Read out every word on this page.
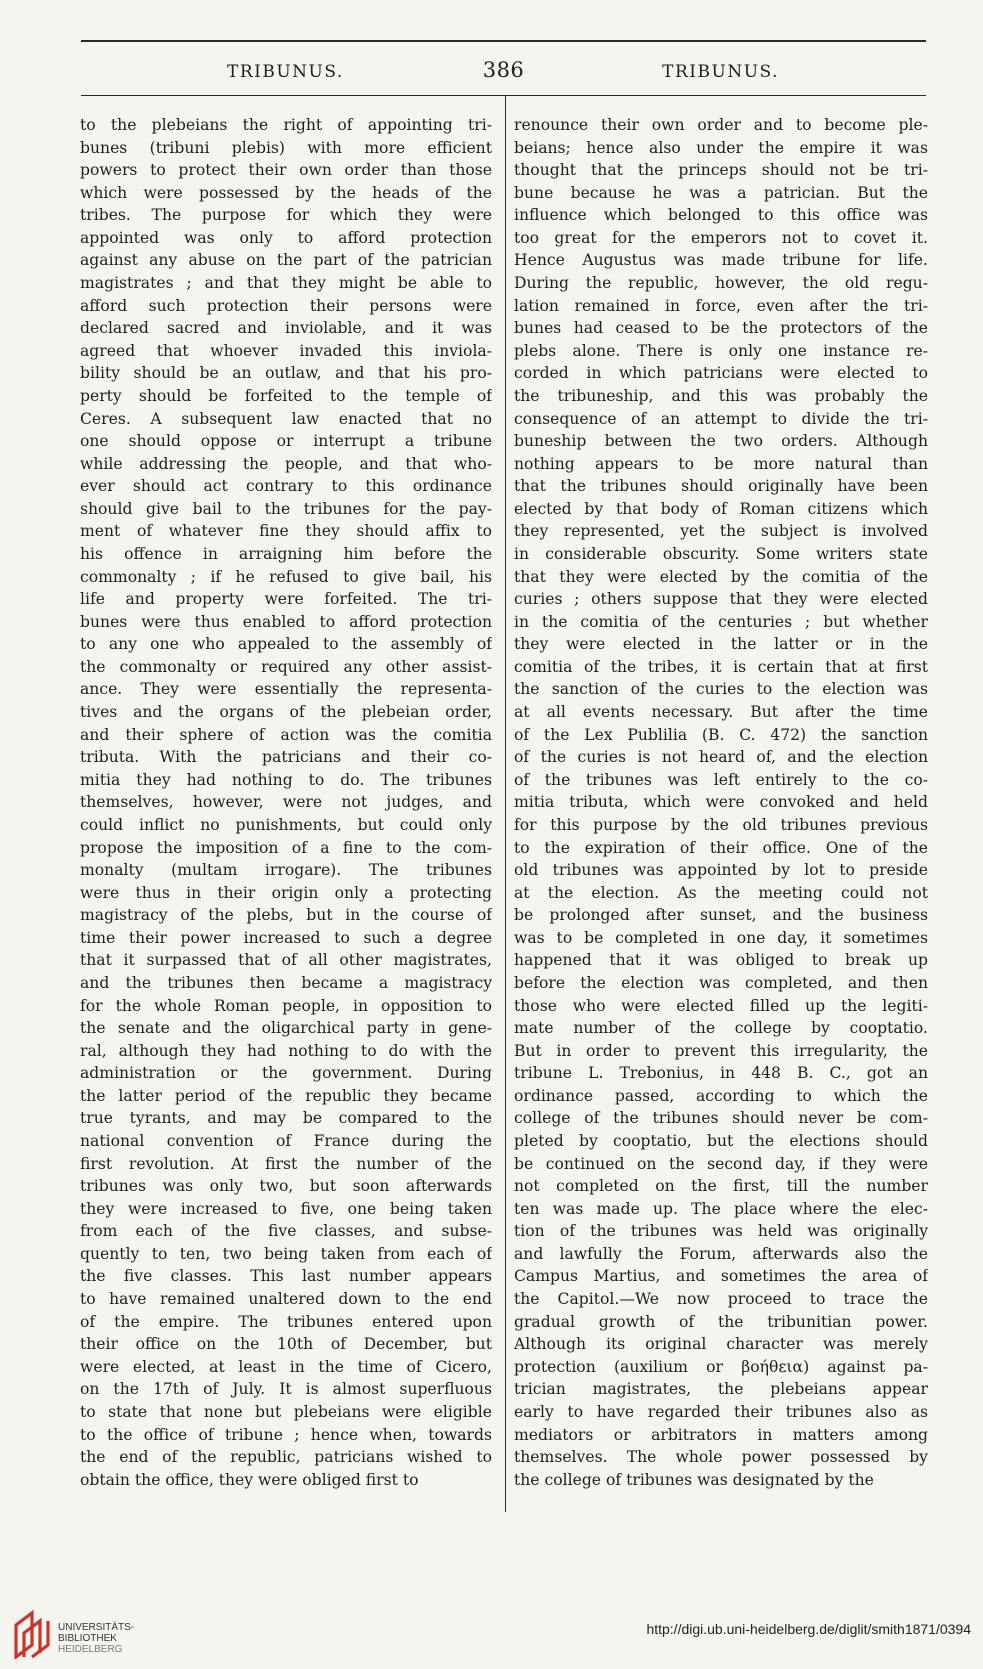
TRIBUNUS.	386	TRIBUNUS.
to the plebeians the right of appointing tri-
bunes (tribuni plebis) with more efficient
powers to protect their own order than those
which were possessed by the heads of the
tribes. The purpose for which they were
appointed was only to afford protection
against any abuse on the part of the patrician
magistrates ; and that they might be able to
afford such protection their persons were
declared sacred and inviolable, and it was
agreed that whoever invaded this inviola-
bility should be an outlaw, and that his pro-
perty should be forfeited to the temple of
Ceres. A subsequent law enacted that no
one should oppose or interrupt a tribune
while addressing the people, and that who-
ever should act contrary to this ordinance
should give bail to the tribunes for the pay-
ment of whatever fine they should affix to
his offence in arraigning him before the
commonalty ; if he refused to give bail, his
life and property were forfeited. The tri-
bunes were thus enabled to afford protection
to any one who appealed to the assembly of
the commonalty or required any other assist-
ance. They were essentially the representa-
tives and the organs of the plebeian order,
and their sphere of action was the comitia
tributa. With the patricians and their co-
mitia they had nothing to do. The tribunes
themselves, however, were not judges, and
could inflict no punishments, but could only
propose the imposition of a fine to the com-
monalty (multam irrogare). The tribunes
were thus in their origin only a protecting
magistracy of the plebs, but in the course of
time their power increased to such a degree
that it surpassed that of all other magistrates,
and the tribunes then became a magistracy
for the whole Roman people, in opposition to
the senate and the oligarchical party in gene-
ral, although they had nothing to do with the
administration or the government. During
the latter period of the republic they became
true tyrants, and may be compared to the
national convention of France during the
first revolution. At first the number of the
tribunes was only two, but soon afterwards
they were increased to five, one being taken
from each of the five classes, and subse-
quently to ten, two being taken from each of
the five classes. This last number appears
to have remained unaltered down to the end
of the empire. The tribunes entered upon
their office on the 10th of December, but
were elected, at least in the time of Cicero,
on the 17th of July. It is almost superfluous
to state that none but plebeians were eligible
to the office of tribune ; hence when, towards
the end of the republic, patricians wished to
obtain the office, they were obliged first to
renounce their own order and to become ple-
beians; hence also under the empire it was
thought that the princeps should not be tri-
bune because he was a patrician. But the
influence which belonged to this office was
too great for the emperors not to covet it.
Hence Augustus was made tribune for life.
During the republic, however, the old regu-
lation remained in force, even after the tri-
bunes had ceased to be the protectors of the
plebs alone. There is only one instance re-
corded in which patricians were elected to
the tribuneship, and this was probably the
consequence of an attempt to divide the tri-
buneship between the two orders. Although
nothing appears to be more natural than
that the tribunes should originally have been
elected by that body of Roman citizens which
they represented, yet the subject is involved
in considerable obscurity. Some writers state
that they were elected by the comitia of the
curies ; others suppose that they were elected
in the comitia of the centuries ; but whether
they were elected in the latter or in the
comitia of the tribes, it is certain that at first
the sanction of the curies to the election was
at all events necessary. But after the time
of the Lex Publilia (B. C. 472) the sanction
of the curies is not heard of, and the election
of the tribunes was left entirely to the co-
mitia tributa, which were convoked and held
for this purpose by the old tribunes previous
to the expiration of their office. One of the
old tribunes was appointed by lot to preside
at the election. As the meeting could not
be prolonged after sunset, and the business
was to be completed in one day, it sometimes
happened that it was obliged to break up
before the election was completed, and then
those who were elected filled up the legiti-
mate number of the college by cooptatio.
But in order to prevent this irregularity, the
tribune L. Trebonius, in 448 B. C., got an
ordinance passed, according to which the
college of the tribunes should never be com-
pleted by cooptatio, but the elections should
be continued on the second day, if they were
not completed on the first, till the number
ten was made up. The place where the elec-
tion of the tribunes was held was originally
and lawfully the Forum, afterwards also the
Campus Martius, and sometimes the area of
the Capitol.—We now proceed to trace the
gradual growth of the tribunitian power.
Although its original character was merely
protection (auxilium or βοήθεια) against pa-
trician magistrates, the plebeians appear
early to have regarded their tribunes also as
mediators or arbitrators in matters among
themselves. The whole power possessed by
the college of tribunes was designated by the
UNIVERSITÄTS-
BIBLIOTHEK
HEIDELBERG
http://digi.ub.uni-heidelberg.de/diglit/smith1871/0394
